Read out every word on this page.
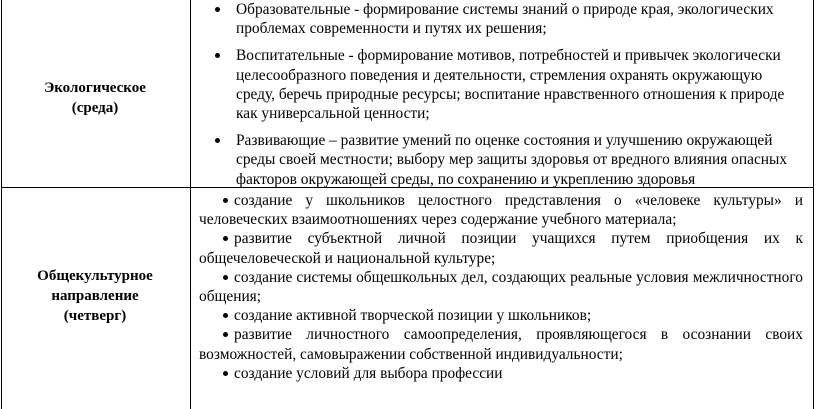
Экологическое
(среда)
Образовательные - формирование системы знаний о природе края, экологических проблемах современности и путях их решения;
Воспитательные - формирование мотивов, потребностей и привычек экологически целесообразного поведения и деятельности, стремления охранять окружающую среду, беречь природные ресурсы; воспитание нравственного отношения к природе как универсальной ценности;
Развивающие – развитие умений по оценке состояния и улучшению окружающей среды своей местности; выбору мер защиты здоровья от вредного влияния опасных факторов окружающей среды, по сохранению и укреплению здоровья
Общекультурное
направление
(четверг)
создание у школьников целостного представления о «человеке культуры» и человеческих взаимоотношениях через содержание учебного материала;
развитие субъектной личной позиции учащихся путем приобщения их к общечеловеческой и национальной культуре;
создание системы общешкольных дел, создающих реальные условия межличностного общения;
создание активной творческой позиции у школьников;
развитие личностного самоопределения, проявляющегося в осознании своих возможностей, самовыражении собственной индивидуальности;
создание условий для выбора профессии
